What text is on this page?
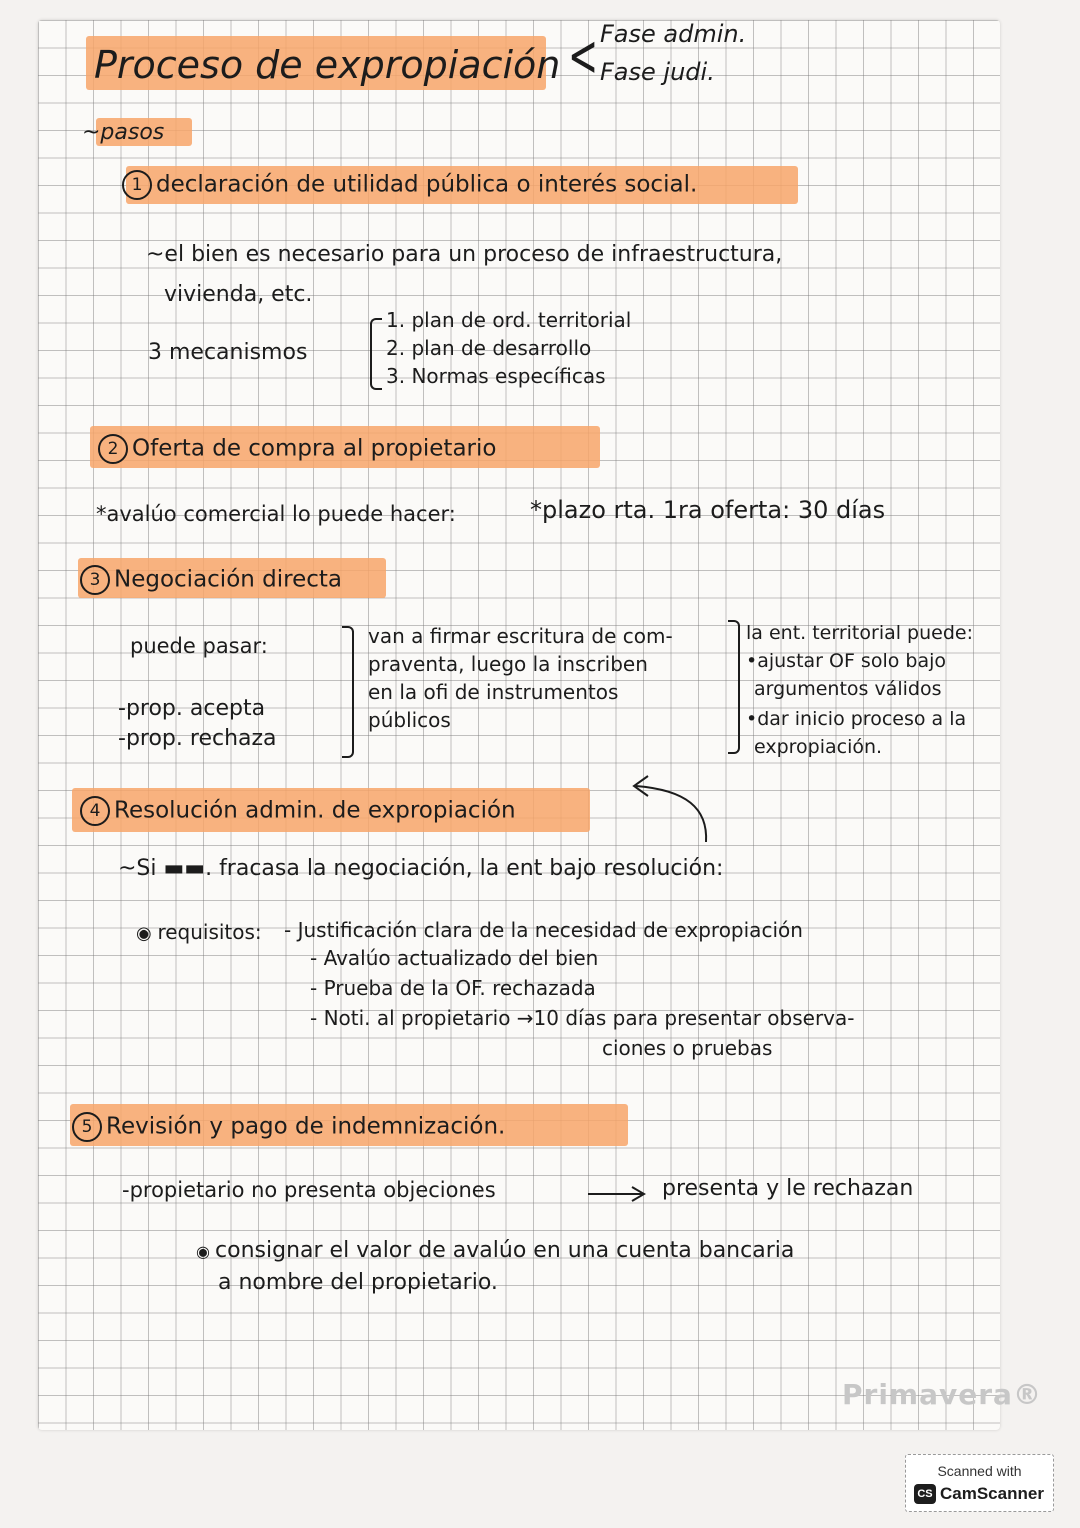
Proceso de expropiación < Fase admin.
Fase judi.
~pasos
1 declaración de utilidad pública o interés social.
~el bien es necesario para un proceso de infraestructura,
vivienda, etc.
3 mecanismos
1. plan de ord. territorial
2. plan de desarrollo
3. Normas específicas
2 Oferta de compra al propietario
*avalúo comercial lo puede hacer:	*plazo rta. 1ra oferta: 30 días
3 Negociación directa
puede pasar:
-prop. acepta
-prop. rechaza
van a firmar escritura de com-
praventa, luego la inscriben
en la ofi de instrumentos
públicos
la ent. territorial puede:
•ajustar OF solo bajo
argumentos válidos
•dar inicio proceso a la
expropiación.
4 Resolución admin. de expropiación
~Si ▬▬. fracasa la negociación, la ent bajo resolución:
◉ requisitos: - Justificación clara de la necesidad de expropiación
- Avalúo actualizado del bien
- Prueba de la OF. rechazada
- Noti. al propietario →10 días para presentar observa-
ciones o pruebas
5 Revisión y pago de indemnización.
-propietario no presenta objeciones	presenta y le rechazan
◉ consignar el valor de avalúo en una cuenta bancaria
a nombre del propietario.
Primavera®
Scanned with
CS CamScanner
